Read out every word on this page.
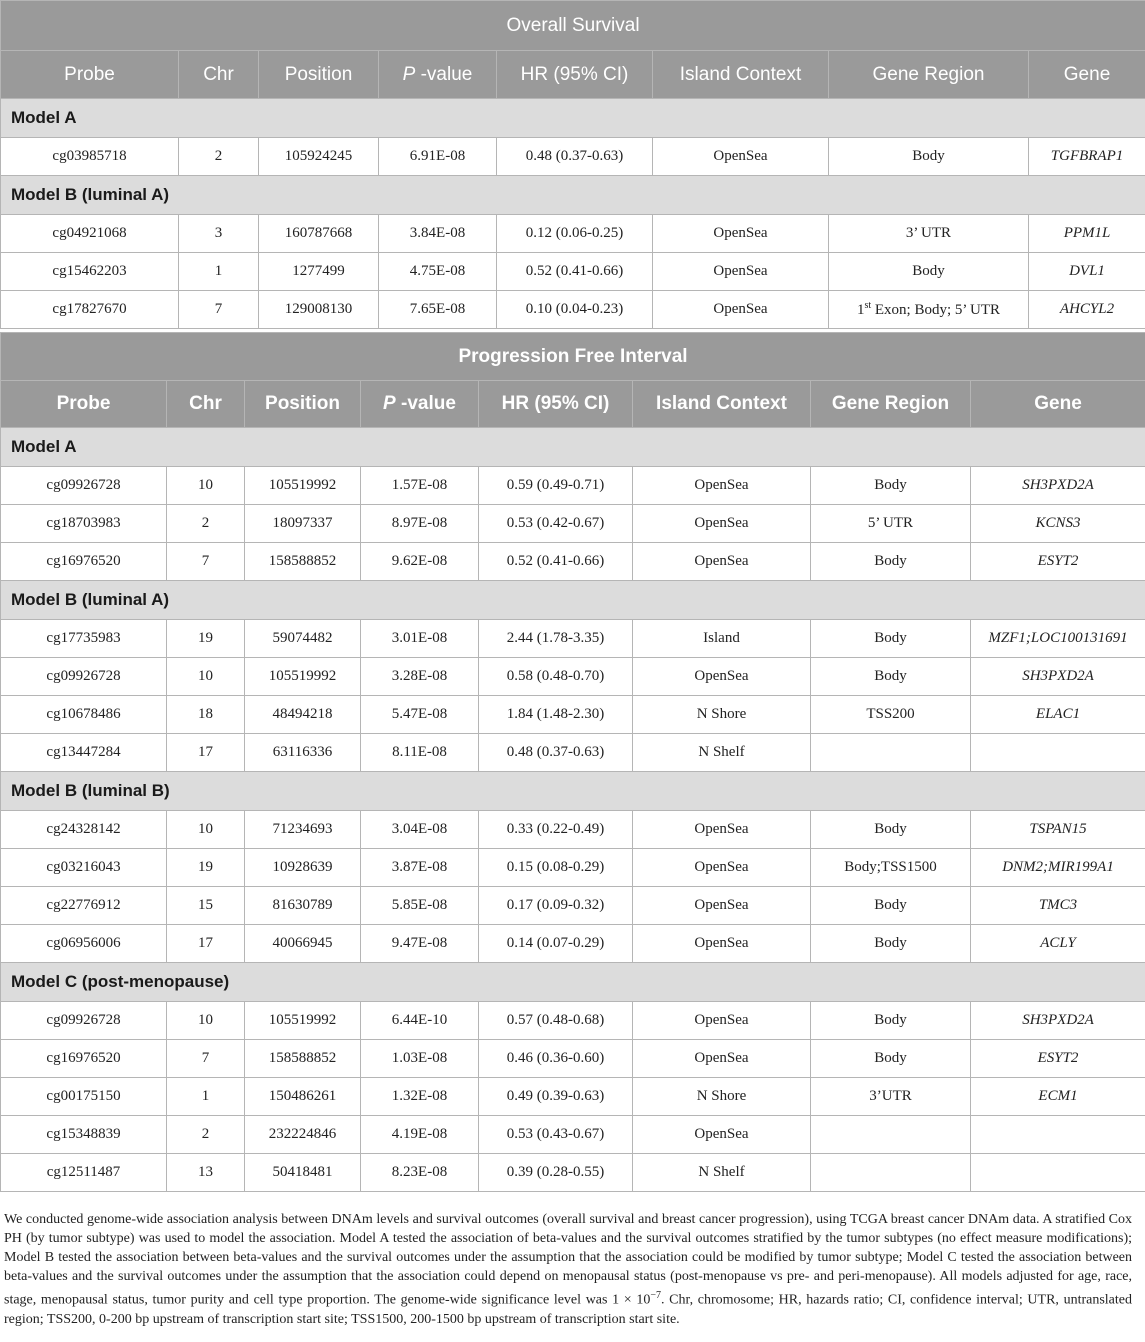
Overall Survival							
Probe	Chr	Position	P -value	HR (95% CI)	Island Context	Gene Region	Gene
Model A							
cg03985718	2	105924245	6.91E-08	0.48 (0.37-0.63)	OpenSea	Body	TGFBRAP1
Model B (luminal A)							
cg04921068	3	160787668	3.84E-08	0.12 (0.06-0.25)	OpenSea	3’ UTR	PPM1L
cg15462203	1	1277499	4.75E-08	0.52 (0.41-0.66)	OpenSea	Body	DVL1
cg17827670	7	129008130	7.65E-08	0.10 (0.04-0.23)	OpenSea	1st Exon; Body; 5’ UTR	AHCYL2
Progression Free Interval							
Probe	Chr	Position	P -value	HR (95% CI)	Island Context	Gene Region	Gene
Model A							
cg09926728	10	105519992	1.57E-08	0.59 (0.49-0.71)	OpenSea	Body	SH3PXD2A
cg18703983	2	18097337	8.97E-08	0.53 (0.42-0.67)	OpenSea	5’ UTR	KCNS3
cg16976520	7	158588852	9.62E-08	0.52 (0.41-0.66)	OpenSea	Body	ESYT2
Model B (luminal A)							
cg17735983	19	59074482	3.01E-08	2.44 (1.78-3.35)	Island	Body	MZF1;LOC100131691
cg09926728	10	105519992	3.28E-08	0.58 (0.48-0.70)	OpenSea	Body	SH3PXD2A
cg10678486	18	48494218	5.47E-08	1.84 (1.48-2.30)	N Shore	TSS200	ELAC1
cg13447284	17	63116336	8.11E-08	0.48 (0.37-0.63)	N Shelf		
Model B (luminal B)							
cg24328142	10	71234693	3.04E-08	0.33 (0.22-0.49)	OpenSea	Body	TSPAN15
cg03216043	19	10928639	3.87E-08	0.15 (0.08-0.29)	OpenSea	Body;TSS1500	DNM2;MIR199A1
cg22776912	15	81630789	5.85E-08	0.17 (0.09-0.32)	OpenSea	Body	TMC3
cg06956006	17	40066945	9.47E-08	0.14 (0.07-0.29)	OpenSea	Body	ACLY
Model C (post-menopause)							
cg09926728	10	105519992	6.44E-10	0.57 (0.48-0.68)	OpenSea	Body	SH3PXD2A
cg16976520	7	158588852	1.03E-08	0.46 (0.36-0.60)	OpenSea	Body	ESYT2
cg00175150	1	150486261	1.32E-08	0.49 (0.39-0.63)	N Shore	3’UTR	ECM1
cg15348839	2	232224846	4.19E-08	0.53 (0.43-0.67)	OpenSea		
cg12511487	13	50418481	8.23E-08	0.39 (0.28-0.55)	N Shelf		
We conducted genome-wide association analysis between DNAm levels and survival outcomes (overall survival and breast cancer progression), using TCGA breast cancer DNAm data. A stratified Cox PH (by tumor subtype) was used to model the association. Model A tested the association of beta-values and the survival outcomes stratified by the tumor subtypes (no effect measure modifications); Model B tested the association between beta-values and the survival outcomes under the assumption that the association could be modified by tumor subtype; Model C tested the association between beta-values and the survival outcomes under the assumption that the association could depend on menopausal status (post-menopause vs pre- and peri-menopause). All models adjusted for age, race, stage, menopausal status, tumor purity and cell type proportion. The genome-wide significance level was $1 \times 10^{-7}$. Chr, chromosome; HR, hazards ratio; CI, confidence interval; UTR, untranslated region; TSS200, 0-200 bp upstream of transcription start site; TSS1500, 200-1500 bp upstream of transcription start site.
